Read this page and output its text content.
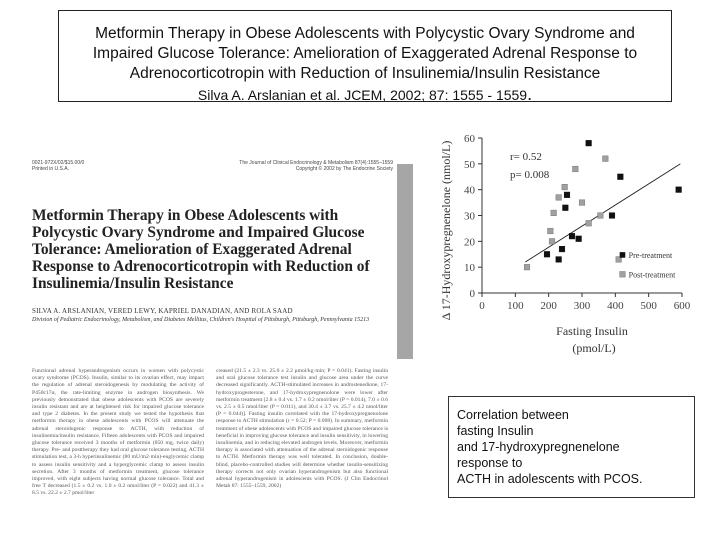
Metformin Therapy in Obese Adolescents with Polycystic Ovary Syndrome and
Impaired Glucose Tolerance: Amelioration of Exaggerated Adrenal Response to
Adrenocorticotropin with Reduction of Insulinemia/Insulin Resistance
Silva A. Arslanian et al. JCEM, 2002; 87: 1555 - 1559.
0021-972X/02/$15.00/0
Printed in U.S.A.
The Journal of Clinical Endocrinology & Metabolism 87(4):1555–1559
Copyright © 2002 by The Endocrine Society
Metformin Therapy in Obese Adolescents with Polycystic Ovary Syndrome and Impaired Glucose Tolerance: Amelioration of Exaggerated Adrenal Response to Adrenocorticotropin with Reduction of Insulinemia/Insulin Resistance
SILVA A. ARSLANIAN, VERED LEWY, KAPRIEL DANADIAN, AND ROLA SAAD
Division of Pediatric Endocrinology, Metabolism, and Diabetes Mellitus, Children's Hospital of Pittsburgh, Pittsburgh, Pennsylvania 15213
Functional adrenal hyperandrogenism occurs in women with polycystic ovary syndrome (PCOS). Insulin, similar to its ovarian effect, may impact the regulation of adrenal steroidogenesis by modulating the activity of P450c17α, the rate-limiting enzyme in androgen biosynthesis. We previously demonstrated that obese adolescents with PCOS are severely insulin resistant and are at heightened risk for impaired glucose tolerance and type 2 diabetes. In the present study we tested the hypothesis that metformin therapy in obese adolescents with PCOS will attenuate the adrenal steroidogenic response to ACTH, with reduction of insulinemia/insulin resistance. Fifteen adolescents with PCOS and impaired glucose tolerance received 3 months of metformin (850 mg, twice daily) therapy. Pre- and posttherapy they had oral glucose tolerance testing, ACTH stimulation test, a 3-h hyperinsulinemic (80 mU/m2·min)-euglycemic clamp to assess insulin sensitivity and a hyperglycemic clamp to assess insulin secretion. After 3 months of metformin treatment, glucose tolerance improved, with eight subjects having normal glucose tolerance. Total and free T decreased (1.5 ± 0.2 vs. 1.0 ± 0.2 nmol/liter (P = 0.022) and 41.3 ± 8.5 vs. 22.2 ± 2.7 pmol/liter
creased (21.5 ± 2.3 vs. 25.0 ± 2.2 μmol/kg·min; P = 0.041). Fasting insulin and oral glucose tolerance test insulin and glucose area under the curve decreased significantly. ACTH-stimulated increases in androstenedione, 17-hydroxyprogesterone, and 17-hydroxypregnenolone were lower after metformin treatment (2.8 ± 0.4 vs. 1.7 ± 0.2 nmol/liter (P = 0.014), 7.0 ± 0.6 vs. 2.5 ± 0.5 nmol/liter (P = 0.011), and 30.4 ± 3.7 vs. 25.7 ± 4.2 nmol/liter (P = 0.044)]. Fasting insulin correlated with the 17-hydroxypregnenolone response to ACTH stimulation (r = 0.52; P = 0.008). In summary, metformin treatment of obese adolescents with PCOS and impaired glucose tolerance is beneficial in improving glucose tolerance and insulin sensitivity, in lowering insulinemia, and in reducing elevated androgen levels. Moreover, metformin therapy is associated with attenuation of the adrenal steroidogenic response to ACTH. Metformin therapy was well tolerated. In conclusion, double-blind, placebo-controlled studies will determine whether insulin-sensitizing therapy corrects not only ovarian hyperandrogenism but also functional adrenal hyperandrogenism in adolescents with PCOS. (J Clin Endocrinol Metab 87: 1555–1559, 2002)
0 100 200 300 400 500 600
0
10
20
30
40
50
60
r= 0.52
p= 0.008
Pre-treatment
Post-treatment
Fasting Insulin
(pmol/L)
Δ 17-Hydroxypregnenelone (nmol/L)
Correlation between
fasting Insulin
and 17-hydroxypregnenelone
response to
ACTH in adolescents with PCOS.
